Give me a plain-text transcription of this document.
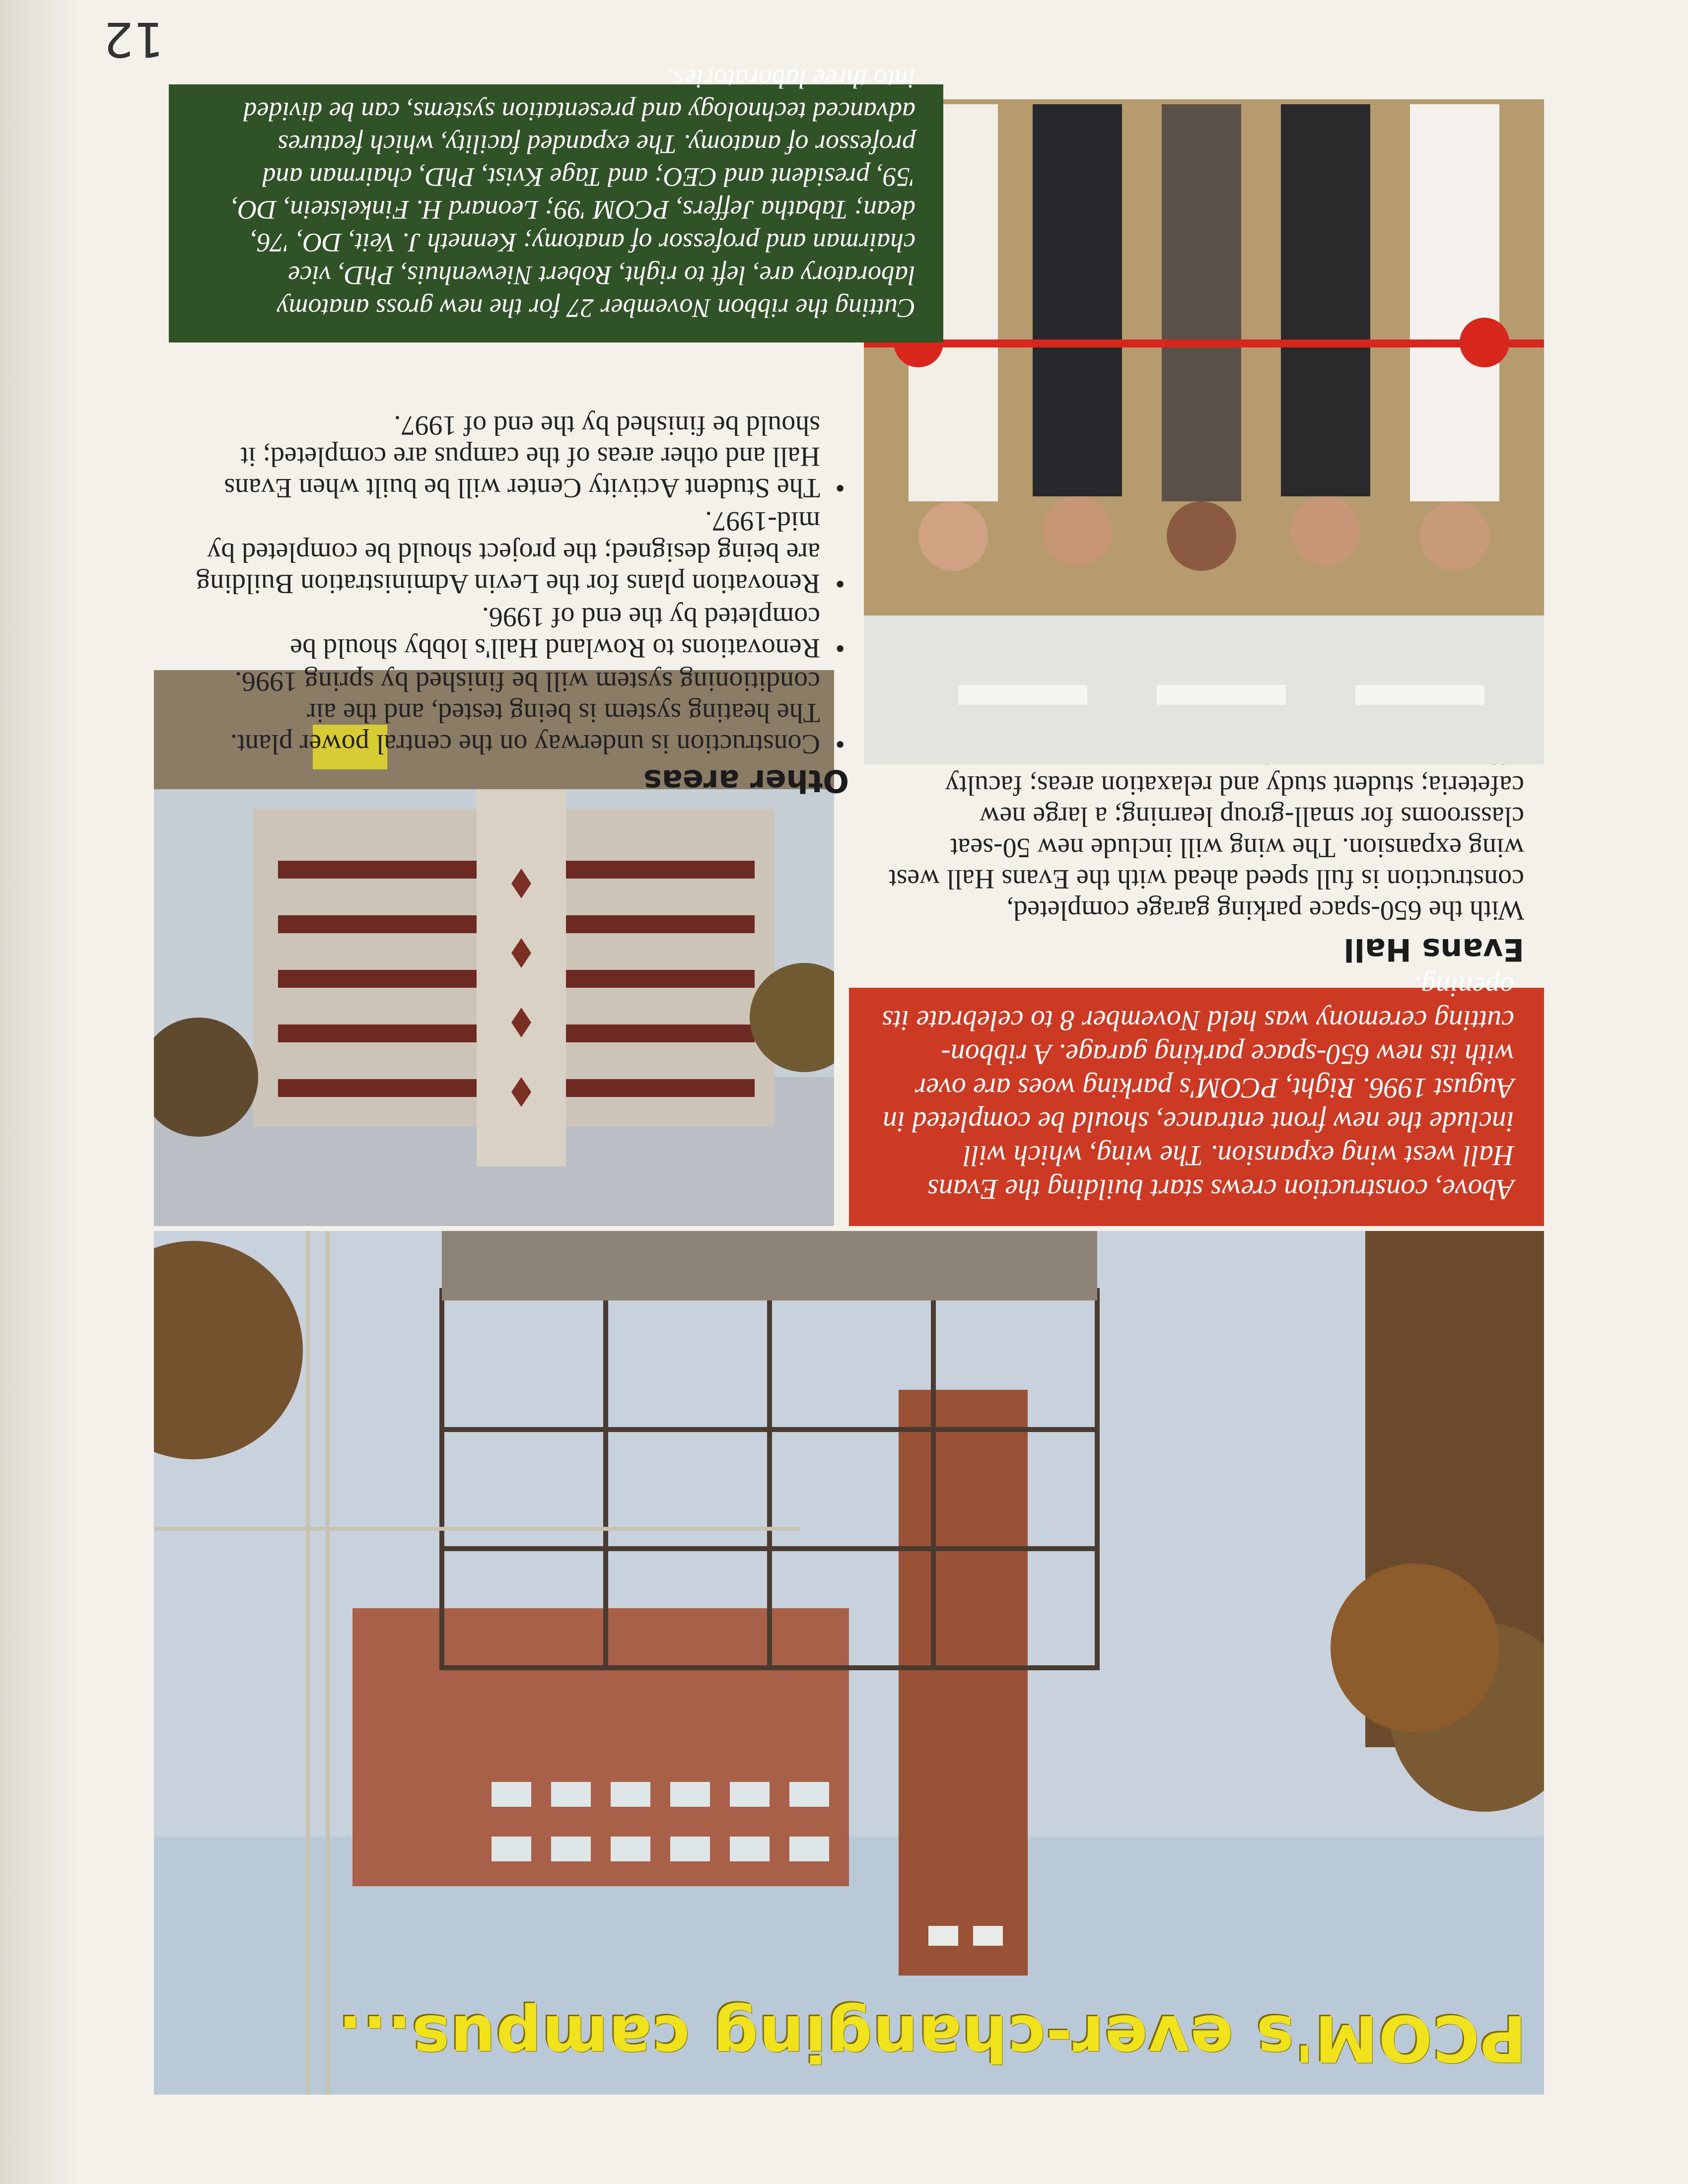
PCOM's ever-changing campus...
Above, construction crews start building the Evans Hall west wing expansion. The wing, which will include the new front entrance, should be completed in August 1996. Right, PCOM's parking woes are over with its new 650-space parking garage. A ribbon-cutting ceremony was held November 8 to celebrate its opening.
Evans Hall
With the 650-space parking garage completed, construction is full speed ahead with the Evans Hall west wing expansion. The wing will include new 50-seat classrooms for small-group learning; a large new cafeteria; student study and relaxation areas; faculty
Cutting the ribbon November 27 for the new gross anatomy laboratory are, left to right, Robert Niewenhuis, PhD, vice chairman and professor of anatomy; Kenneth J. Veit, DO, '76, dean; Tabatha Jeffers, PCOM '99; Leonard H. Finkelstein, DO, '59, president and CEO; and Tage Kvist, PhD, chairman and professor of anatomy. The expanded facility, which features advanced technology and presentation systems, can be divided into three laboratories.
Other areas
• Construction is underway on the central power plant. The heating system is being tested, and the air conditioning system will be finished by spring 1996.
• Renovations to Rowland Hall's lobby should be completed by the end of 1996.
• Renovation plans for the Levin Administration Building are being designed; the project should be completed by mid-1997.
• The Student Activity Center will be built when Evans Hall and other areas of the campus are completed; it should be finished by the end of 1997.
12
